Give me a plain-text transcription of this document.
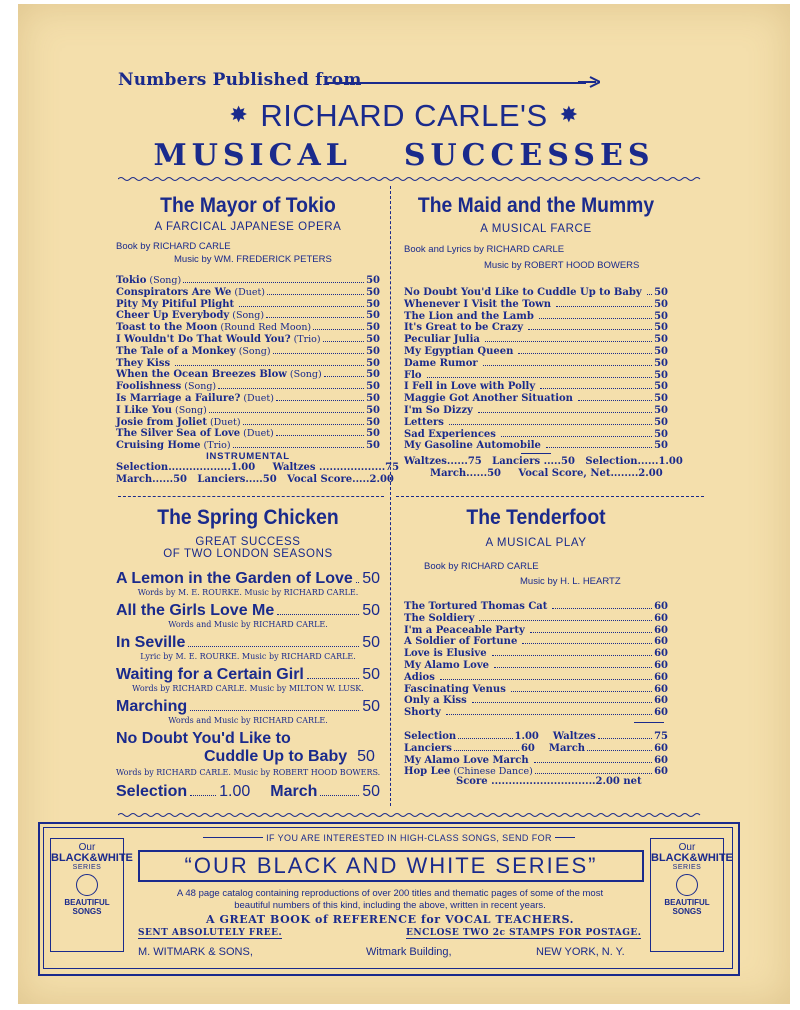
Numbers Published from
✸ RICHARD CARLE'S ✸
MUSICAL SUCCESSES
The Mayor of Tokio
A FARCICAL JAPANESE OPERA
Book by RICHARD CARLE
Music by WM. FREDERICK PETERS
Tokio (Song)	50
Conspirators Are We (Duet)	50
Pity My Pitiful Plight	50
Cheer Up Everybody (Song)	50
Toast to the Moon (Round Red Moon)	50
I Wouldn't Do That Would You? (Trio)	50
The Tale of a Monkey (Song)	50
They Kiss	50
When the Ocean Breezes Blow (Song)	50
Foolishness (Song)	50
Is Marriage a Failure? (Duet)	50
I Like You (Song)	50
Josie from Joliet (Duet)	50
The Silver Sea of Love (Duet)	50
Cruising Home (Trio)	50
INSTRUMENTAL
Selection..................1.00     Waltzes ...................75
March......50   Lanciers.....50   Vocal Score.....2.00
The Maid and the Mummy
A MUSICAL FARCE
Book and Lyrics by RICHARD CARLE
Music by ROBERT HOOD BOWERS
No Doubt You'd Like to Cuddle Up to Baby 50
Whenever I Visit the Town	50
The Lion and the Lamb	50
It's Great to be Crazy	50
Peculiar Julia	50
My Egyptian Queen	50
Dame Rumor	50
Flo	50
I Fell in Love with Polly	50
Maggie Got Another Situation	50
I'm So Dizzy	50
Letters	50
Sad Experiences	50
My Gasoline Automobile	50
Waltzes......75   Lanciers .....50   Selection......1.00
March......50     Vocal Score, Net........2.00
The Spring Chicken
GREAT SUCCESS
OF TWO LONDON SEASONS
A Lemon in the Garden of Love 50
Words by M. E. ROURKE. Music by RICHARD CARLE.
All the Girls Love Me	50
Words and Music by RICHARD CARLE.
In Seville	50
Lyric by M. E. ROURKE. Music by RICHARD CARLE.
Waiting for a Certain Girl	50
Words by RICHARD CARLE. Music by MILTON W. LUSK.
Marching	50
Words and Music by RICHARD CARLE.
No Doubt You'd Like to
Cuddle Up to Baby 50
Words by RICHARD CARLE. Music by ROBERT HOOD BOWERS.
Selection 1.00 March	50
The Tenderfoot
A MUSICAL PLAY
Book by RICHARD CARLE
Music by H. L. HEARTZ
The Tortured Thomas Cat	60
The Soldiery	60
I'm a Peaceable Party	60
A Soldier of Fortune	60
Love is Elusive	60
My Alamo Love	60
Adios	60
Fascinating Venus	60
Only a Kiss	60
Shorty	60
Selection	1.00 Waltzes	75
Lanciers	60 March	60
My Alamo Love March	60
Hop Lee (Chinese Dance)	60
Score ..............................2.00 net
Our
BLACK&WHITE
SERIES
BEAUTIFUL SONGS
Our
BLACK&WHITE
SERIES
BEAUTIFUL SONGS
IF YOU ARE INTERESTED IN HIGH-CLASS SONGS, SEND FOR
“OUR BLACK AND WHITE SERIES”
A 48 page catalog containing reproductions of over 200 titles and thematic pages of some of the most
beautiful numbers of this kind, including the above, written in recent years.
A GREAT BOOK of REFERENCE for VOCAL TEACHERS.
SENT ABSOLUTELY FREE.	ENCLOSE TWO 2c STAMPS FOR POSTAGE.
M. WITMARK & SONS,	Witmark Building,	NEW YORK, N. Y.
